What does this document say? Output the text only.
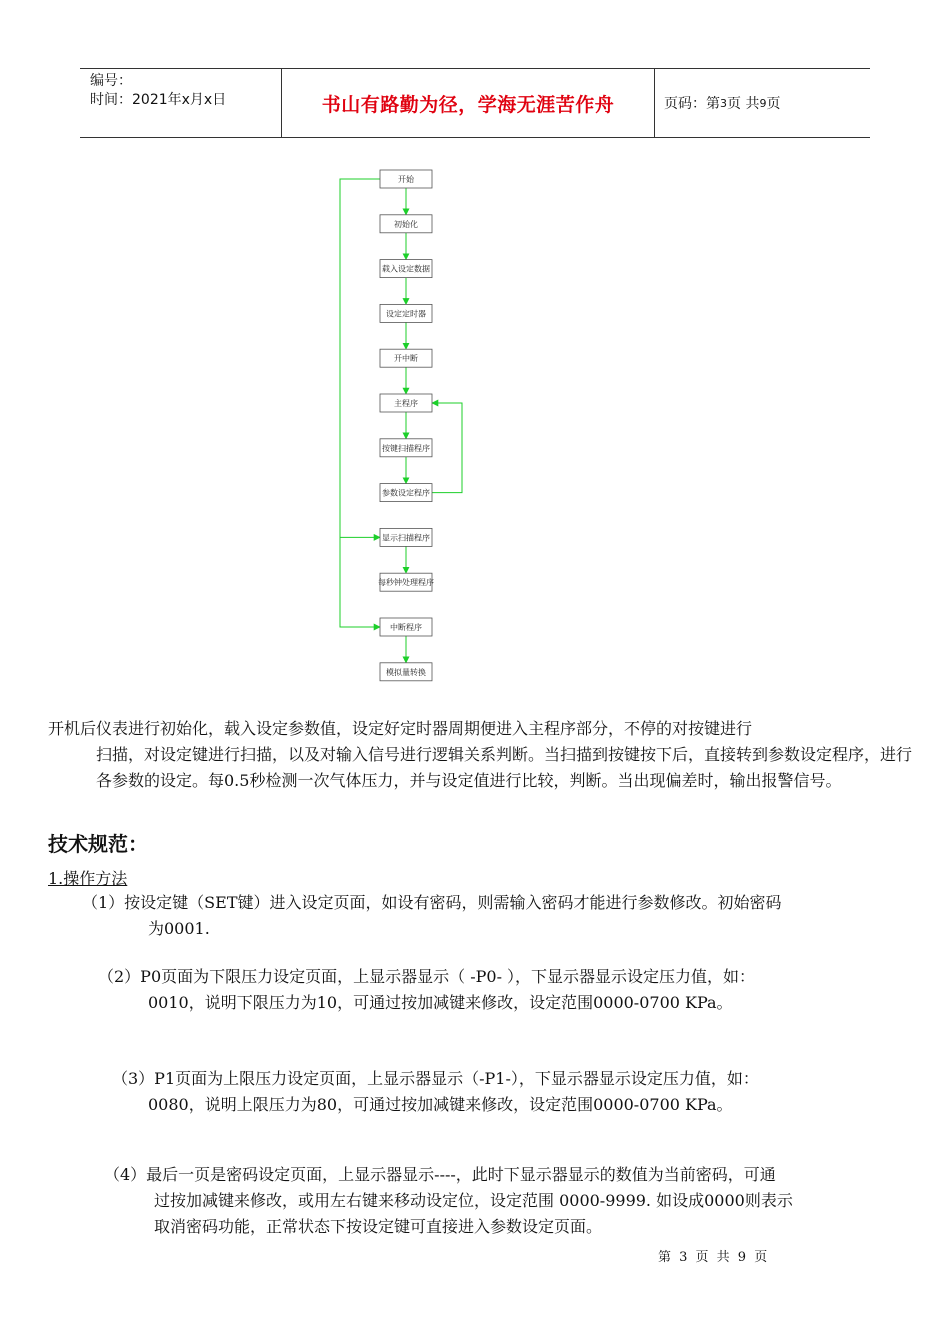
编号：
时间：2021年x月x日	书山有路勤为径，学海无涯苦作舟	页码：第 3 页 共 9 页
开始
初始化
载入设定数据
设定定时器
开中断
主程序
按键扫描程序
参数设定程序
显示扫描程序
每秒钟处理程序
中断程序
模拟量转换
开机后仪表进行初始化，载入设定参数值，设定好定时器周期便进入主程序部分，不停的对按键进行
扫描，对设定键进行扫描，以及对输入信号进行逻辑关系判断。当扫描到按键按下后，直接转到参数设定程序，进行各参数的设定。每0.5秒检测一次气体压力，并与设定值进行比较，判断。当出现偏差时，输出报警信号。
技术规范：
1.操作方法
（1）按设定键（SET键）进入设定页面，如设有密码，则需输入密码才能进行参数修改。初始密码
为0001.
（2）P0页面为下限压力设定页面，上显示器显示（ -P0- ），下显示器显示设定压力值，如：
0010，说明下限压力为10，可通过按加减键来修改，设定范围0000-0700 KPa。
（3）P1页面为上限压力设定页面，上显示器显示（-P1-），下显示器显示设定压力值，如：
0080，说明上限压力为80，可通过按加减键来修改，设定范围0000-0700 KPa。
（4）最后一页是密码设定页面，上显示器显示----，此时下显示器显示的数值为当前密码，可通
过按加减键来修改，或用左右键来移动设定位，设定范围 0000-9999. 如设成0000则表示
取消密码功能，正常状态下按设定键可直接进入参数设定页面。
第 3 页 共 9 页
